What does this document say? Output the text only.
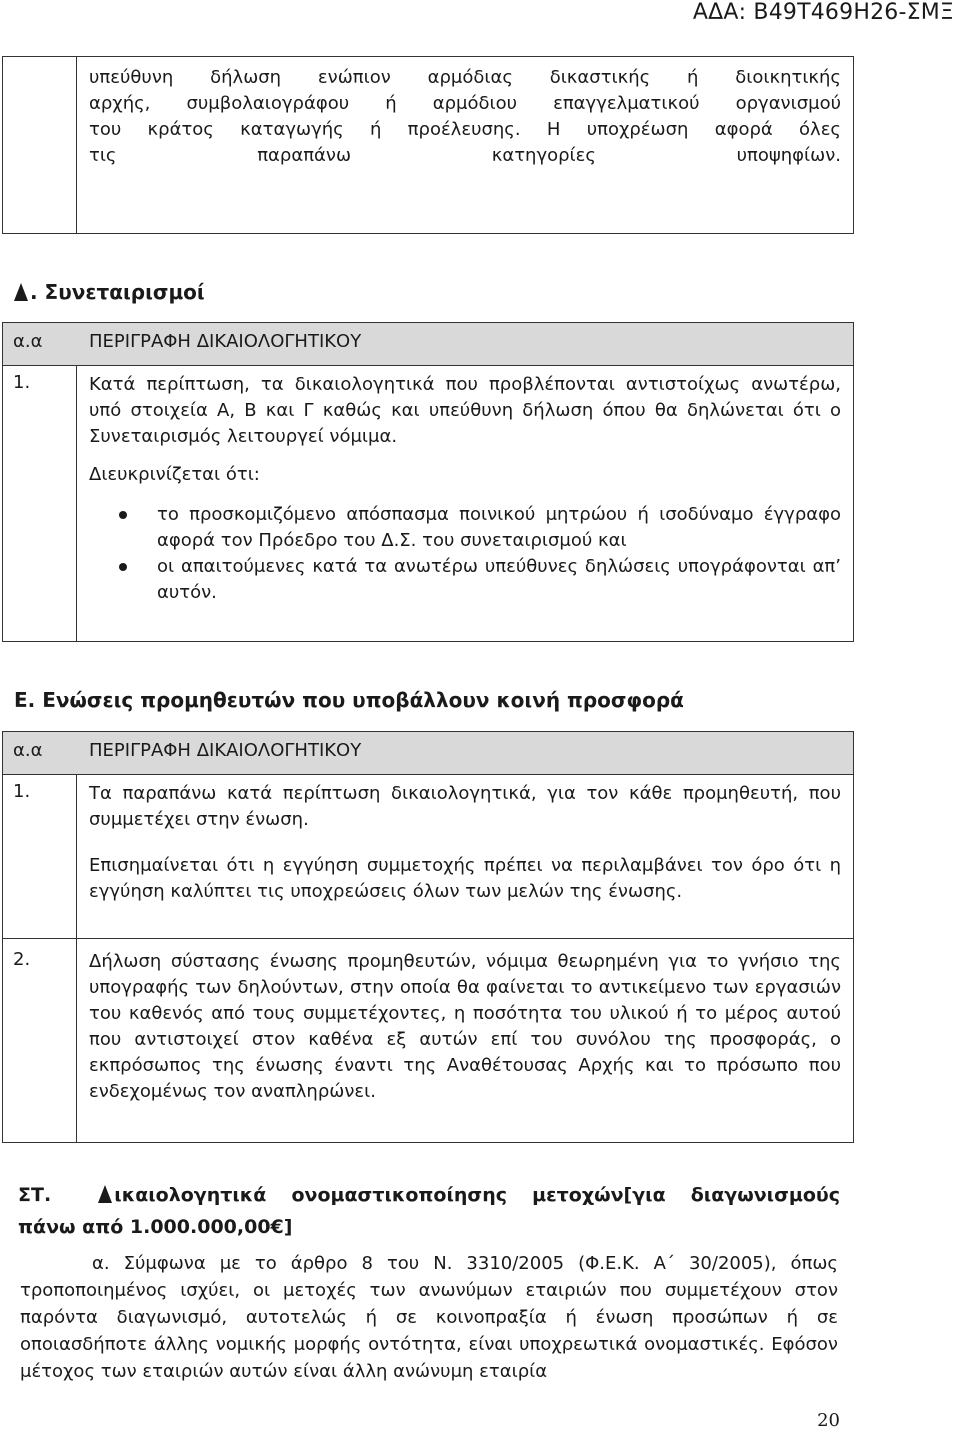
ΑΔΑ: Β49Τ469Η26-ΣΜΞ
υπεύθυνη δήλωση ενώπιον αρμόδιας δικαστικής ή διοικητικής
αρχής, συμβολαιογράφου ή αρμόδιου επαγγελματικού οργανισμού
του κράτος καταγωγής ή προέλευσης. Η υποχρέωση αφορά όλες
τις παραπάνω κατηγορίες υποψηφίων.
. Συνεταιρισμοί
α.α	ΠΕΡΙΓΡΑΦΗ ΔΙΚΑΙΟΛΟΓΗΤΙΚΟΥ
1.	Κατά περίπτωση, τα δικαιολογητικά που προβλέπονται αντιστοίχως ανωτέρω, υπό στοιχεία Α, Β και Γ καθώς και υπεύθυνη δήλωση όπου θα δηλώνεται ότι ο Συνεταιρισμός λειτουργεί νόμιμα.
Διευκρινίζεται ότι:
το προσκομιζόμενο απόσπασμα ποινικού μητρώου ή ισοδύναμο έγγραφο αφορά τον Πρόεδρο του Δ.Σ. του συνεταιρισμού και
οι απαιτούμενες κατά τα ανωτέρω υπεύθυνες δηλώσεις υπογράφονται απ’ αυτόν.
Ε. Ενώσεις προμηθευτών που υποβάλλουν κοινή προσφορά
α.α	ΠΕΡΙΓΡΑΦΗ ΔΙΚΑΙΟΛΟΓΗΤΙΚΟΥ
1.	Τα παραπάνω κατά περίπτωση δικαιολογητικά, για τον κάθε προμηθευτή, που συμμετέχει στην ένωση.
Επισημαίνεται ότι η εγγύηση συμμετοχής πρέπει να περιλαμβάνει τον όρο ότι η εγγύηση καλύπτει τις υποχρεώσεις όλων των μελών της ένωσης.
2.	Δήλωση σύστασης ένωσης προμηθευτών, νόμιμα θεωρημένη για το γνήσιο της υπογραφής των δηλούντων, στην οποία θα φαίνεται το αντικείμενο των εργασιών του καθενός από τους συμμετέχοντες, η ποσότητα του υλικού ή το μέρος αυτού που αντιστοιχεί στον καθένα εξ αυτών επί του συνόλου της προσφοράς, ο εκπρόσωπος της ένωσης έναντι της Αναθέτουσας Αρχής και το πρόσωπο που ενδεχομένως τον αναπληρώνει.
ΣΤ.	ικαιολογητικά ονομαστικοποίησης μετοχών[για διαγωνισμούς
πάνω από 1.000.000,00€]
α. Σύμφωνα με το άρθρο 8 του Ν. 3310/2005 (Φ.Ε.Κ. Α΄ 30/2005), όπως τροποποιημένος ισχύει, οι μετοχές των ανωνύμων εταιριών που συμμετέχουν στον παρόντα διαγωνισμό, αυτοτελώς ή σε κοινοπραξία ή ένωση προσώπων ή σε οποιασδήποτε άλλης νομικής μορφής οντότητα, είναι υποχρεωτικά ονομαστικές. Εφόσον μέτοχος των εταιριών αυτών είναι άλλη ανώνυμη εταιρία
20
